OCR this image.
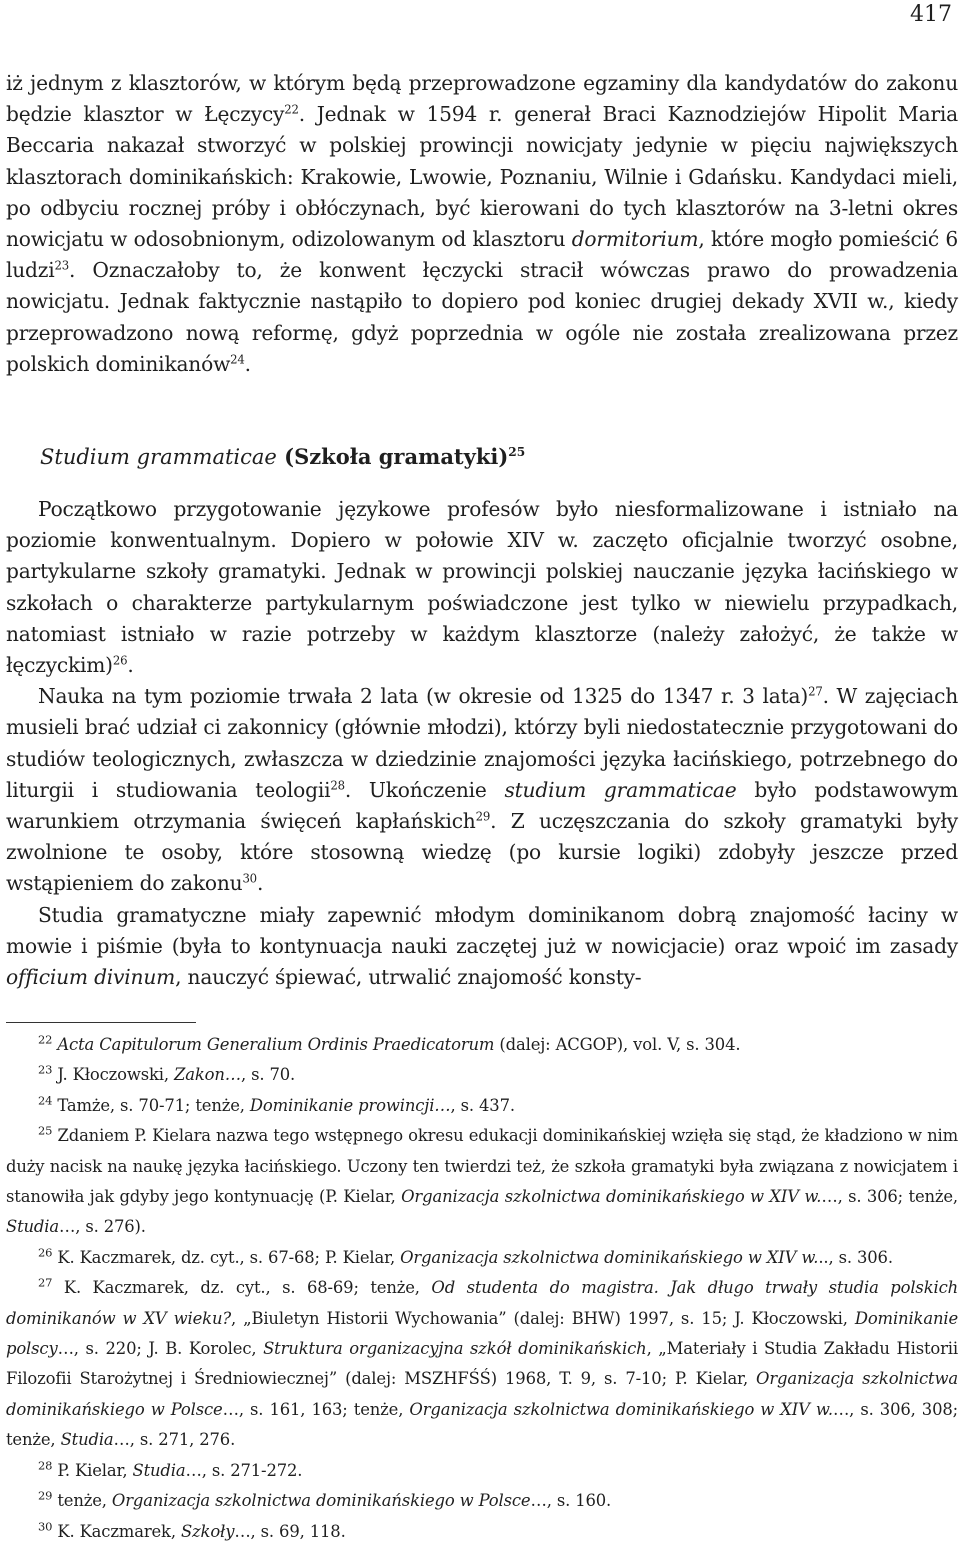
417

iż jednym z klasztorów, w którym będą przeprowadzone egzaminy dla kandydatów do zakonu będzie klasztor w Łęczycy$^{22}$. Jednak w 1594 r. generał Braci Kaznodziejów Hipolit Maria Beccaria nakazał stworzyć w polskiej prowincji nowicjaty jedynie w pięciu największych klasztorach dominikańskich: Krakowie, Lwowie, Poznaniu, Wilnie i Gdańsku. Kandydaci mieli, po odbyciu rocznej próby i obłóczynach, być kierowani do tych klasztorów na 3-letni okres nowicjatu w odosobnionym, odizolowanym od klasztoru dormitorium, które mogło pomieścić 6 ludzi$^{23}$. Oznaczałoby to, że konwent łęczycki stracił wówczas prawo do prowadzenia nowicjatu. Jednak faktycznie nastąpiło to dopiero pod koniec drugiej dekady XVII w., kiedy przeprowadzono nową reformę, gdyż poprzednia w ogóle nie została zrealizowana przez polskich dominikanów$^{24}$.

Studium grammaticae (Szkoła gramatyki)$^{25}$

Początkowo przygotowanie językowe profesów było niesformalizowane i istniało na poziomie konwentualnym. Dopiero w połowie XIV w. zaczęto oficjalnie tworzyć osobne, partykularne szkoły gramatyki. Jednak w prowincji polskiej nauczanie języka łacińskiego w szkołach o charakterze partykularnym poświadczone jest tylko w niewielu przypadkach, natomiast istniało w razie potrzeby w każdym klasztorze (należy założyć, że także w łęczyckim)$^{26}$.

Nauka na tym poziomie trwała 2 lata (w okresie od 1325 do 1347 r. 3 lata)$^{27}$. W zajęciach musieli brać udział ci zakonnicy (głównie młodzi), którzy byli niedostatecznie przygotowani do studiów teologicznych, zwłaszcza w dziedzinie znajomości języka łacińskiego, potrzebnego do liturgii i studiowania teologii$^{28}$. Ukończenie studium grammaticae było podstawowym warunkiem otrzymania święceń kapłańskich$^{29}$. Z uczęszczania do szkoły gramatyki były zwolnione te osoby, które stosowną wiedzę (po kursie logiki) zdobyły jeszcze przed wstąpieniem do zakonu$^{30}$.

Studia gramatyczne miały zapewnić młodym dominikanom dobrą znajomość łaciny w mowie i piśmie (była to kontynuacja nauki zaczętej już w nowicjacie) oraz wpoić im zasady officium divinum, nauczyć śpiewać, utrwalić znajomość konsty-

$^{22}$ Acta Capitulorum Generalium Ordinis Praedicatorum (dalej: ACGOP), vol. V, s. 304.

$^{23}$ J. Kłoczowski, Zakon…, s. 70.

$^{24}$ Tamże, s. 70-71; tenże, Dominikanie prowincji…, s. 437.

$^{25}$ Zdaniem P. Kielara nazwa tego wstępnego okresu edukacji dominikańskiej wzięła się stąd, że kładziono w nim duży nacisk na naukę języka łacińskiego. Uczony ten twierdzi też, że szkoła gramatyki była związana z nowicjatem i stanowiła jak gdyby jego kontynuację (P. Kielar, Organizacja szkolnictwa dominikańskiego w XIV w.…, s. 306; tenże, Studia…, s. 276).

$^{26}$ K. Kaczmarek, dz. cyt., s. 67-68; P. Kielar, Organizacja szkolnictwa dominikańskiego w XIV w..., s. 306.

$^{27}$ K. Kaczmarek, dz. cyt., s. 68-69; tenże, Od studenta do magistra. Jak długo trwały studia polskich dominikanów w XV wieku?, „Biuletyn Historii Wychowania” (dalej: BHW) 1997, s. 15; J. Kłoczowski, Dominikanie polscy…, s. 220; J. B. Korolec, Struktura organizacyjna szkół dominikańskich, „Materiały i Studia Zakładu Historii Filozofii Starożytnej i Średniowiecznej” (dalej: MSZHFŚŚ) 1968, T. 9, s. 7-10; P. Kielar, Organizacja szkolnictwa dominikańskiego w Polsce…, s. 161, 163; tenże, Organizacja szkolnictwa dominikańskiego w XIV w.…, s. 306, 308; tenże, Studia…, s. 271, 276.

$^{28}$ P. Kielar, Studia…, s. 271-272.

$^{29}$ tenże, Organizacja szkolnictwa dominikańskiego w Polsce…, s. 160.

$^{30}$ K. Kaczmarek, Szkoły…, s. 69, 118.
